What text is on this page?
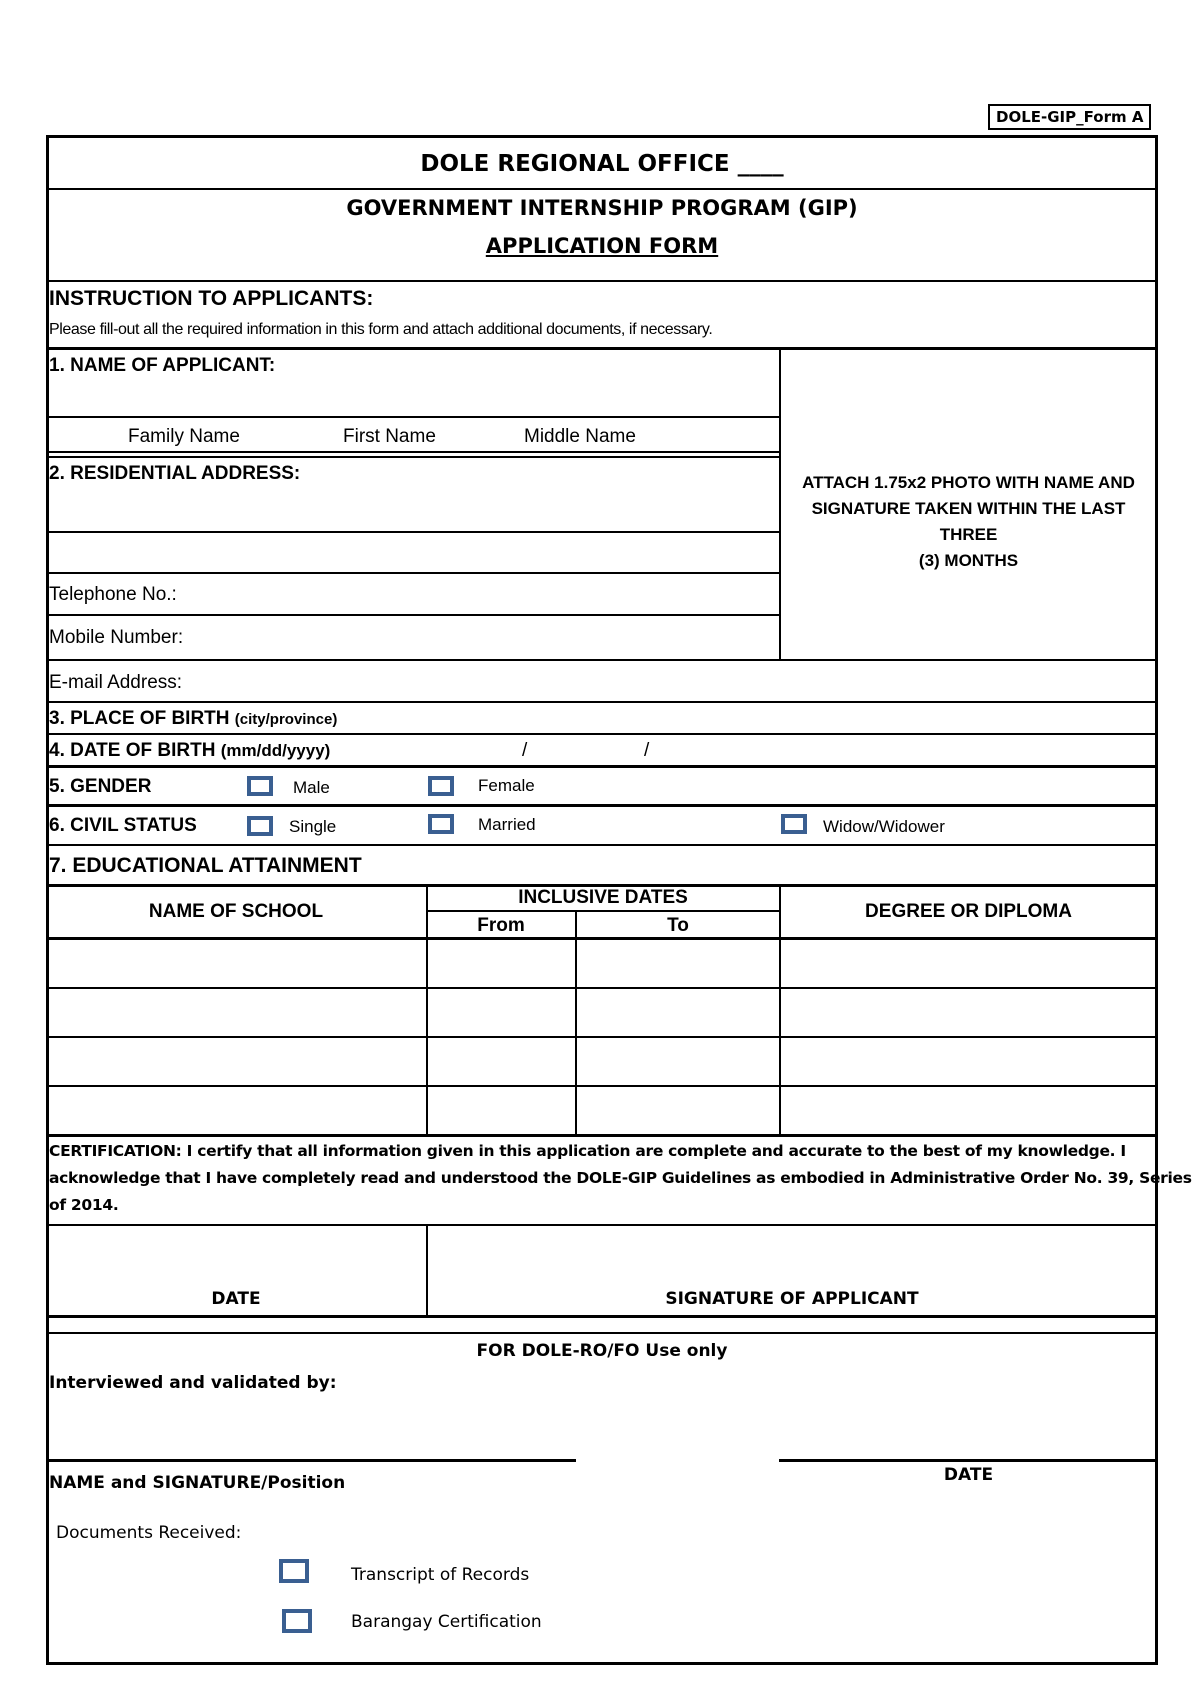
DOLE-GIP_Form A
DOLE REGIONAL OFFICE ____
GOVERNMENT INTERNSHIP PROGRAM (GIP)
APPLICATION FORM
INSTRUCTION TO APPLICANTS:
Please fill-out all the required information in this form and attach additional documents, if necessary.
1. NAME OF APPLICANT:
Family Name	First Name	Middle Name
2. RESIDENTIAL ADDRESS:
Telephone No.:
Mobile Number:
ATTACH 1.75x2 PHOTO WITH NAME AND
SIGNATURE TAKEN WITHIN THE LAST THREE
(3) MONTHS
E-mail Address:
3. PLACE OF BIRTH (city/province)
4. DATE OF BIRTH (mm/dd/yyyy)	/	/
5. GENDER	Male	Female
6. CIVIL STATUS	Single	Married	Widow/Widower
7. EDUCATIONAL ATTAINMENT
NAME OF SCHOOL
INCLUSIVE DATES
From	To
DEGREE OR DIPLOMA
CERTIFICATION: I certify that all information given in this application are complete and accurate to the best of my knowledge. I
acknowledge that I have completely read and understood the DOLE-GIP Guidelines as embodied in Administrative Order No. 39, Series
of 2014.
DATE	SIGNATURE OF APPLICANT
FOR DOLE-RO/FO Use only
Interviewed and validated by:
NAME and SIGNATURE/Position	DATE
Documents Received:
Transcript of Records
Barangay Certification
